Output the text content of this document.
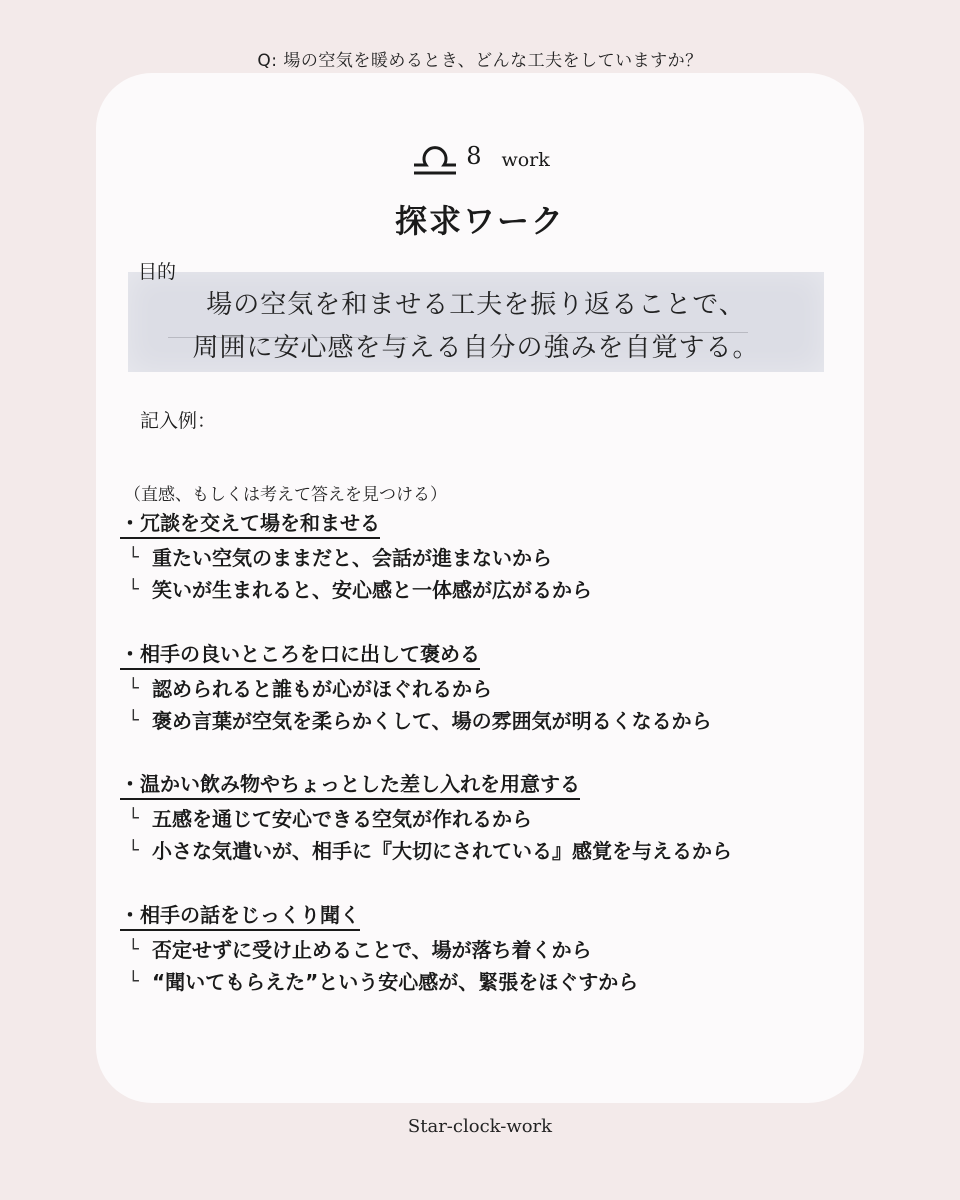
Q: 場の空気を暖めるとき、どんな工夫をしていますか？
8 work
探求ワーク
場の空気を和ませる工夫を振り返ることで、
周囲に安心感を与える自分の強みを自覚する。
目的
記入例：
（直感、もしくは考えて答えを見つける）
・冗談を交えて場を和ませる
└ 重たい空気のままだと、会話が進まないから
└ 笑いが生まれると、安心感と一体感が広がるから
・相手の良いところを口に出して褒める
└ 認められると誰もが心がほぐれるから
└ 褒め言葉が空気を柔らかくして、場の雰囲気が明るくなるから
・温かい飲み物やちょっとした差し入れを用意する
└ 五感を通じて安心できる空気が作れるから
└ 小さな気遣いが、相手に『大切にされている』感覚を与えるから
・相手の話をじっくり聞く
└ 否定せずに受け止めることで、場が落ち着くから
└ “聞いてもらえた”という安心感が、緊張をほぐすから
Star-clock-work
